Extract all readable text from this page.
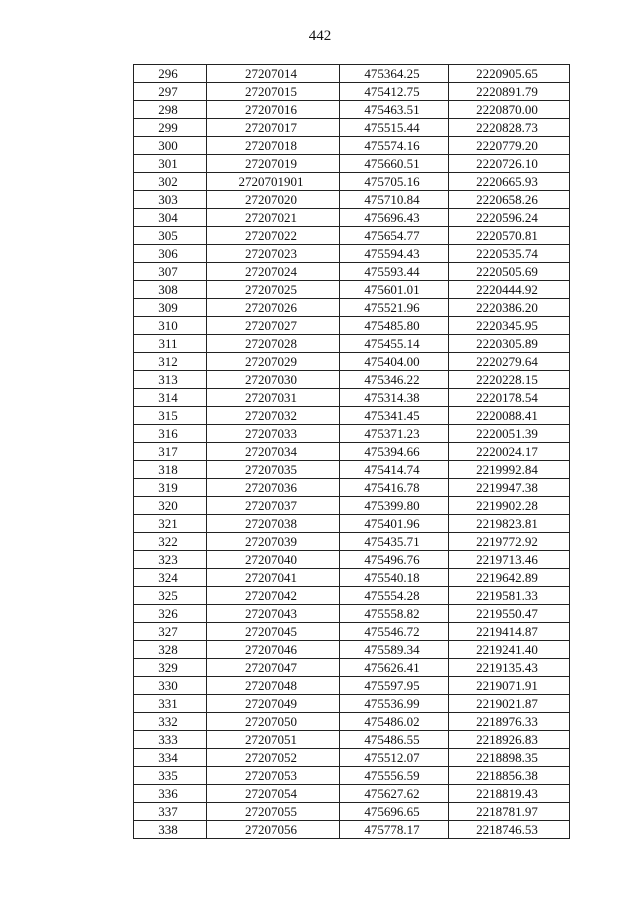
442
296	27207014	475364.25	2220905.65
297	27207015	475412.75	2220891.79
298	27207016	475463.51	2220870.00
299	27207017	475515.44	2220828.73
300	27207018	475574.16	2220779.20
301	27207019	475660.51	2220726.10
302	2720701901	475705.16	2220665.93
303	27207020	475710.84	2220658.26
304	27207021	475696.43	2220596.24
305	27207022	475654.77	2220570.81
306	27207023	475594.43	2220535.74
307	27207024	475593.44	2220505.69
308	27207025	475601.01	2220444.92
309	27207026	475521.96	2220386.20
310	27207027	475485.80	2220345.95
311	27207028	475455.14	2220305.89
312	27207029	475404.00	2220279.64
313	27207030	475346.22	2220228.15
314	27207031	475314.38	2220178.54
315	27207032	475341.45	2220088.41
316	27207033	475371.23	2220051.39
317	27207034	475394.66	2220024.17
318	27207035	475414.74	2219992.84
319	27207036	475416.78	2219947.38
320	27207037	475399.80	2219902.28
321	27207038	475401.96	2219823.81
322	27207039	475435.71	2219772.92
323	27207040	475496.76	2219713.46
324	27207041	475540.18	2219642.89
325	27207042	475554.28	2219581.33
326	27207043	475558.82	2219550.47
327	27207045	475546.72	2219414.87
328	27207046	475589.34	2219241.40
329	27207047	475626.41	2219135.43
330	27207048	475597.95	2219071.91
331	27207049	475536.99	2219021.87
332	27207050	475486.02	2218976.33
333	27207051	475486.55	2218926.83
334	27207052	475512.07	2218898.35
335	27207053	475556.59	2218856.38
336	27207054	475627.62	2218819.43
337	27207055	475696.65	2218781.97
338	27207056	475778.17	2218746.53
